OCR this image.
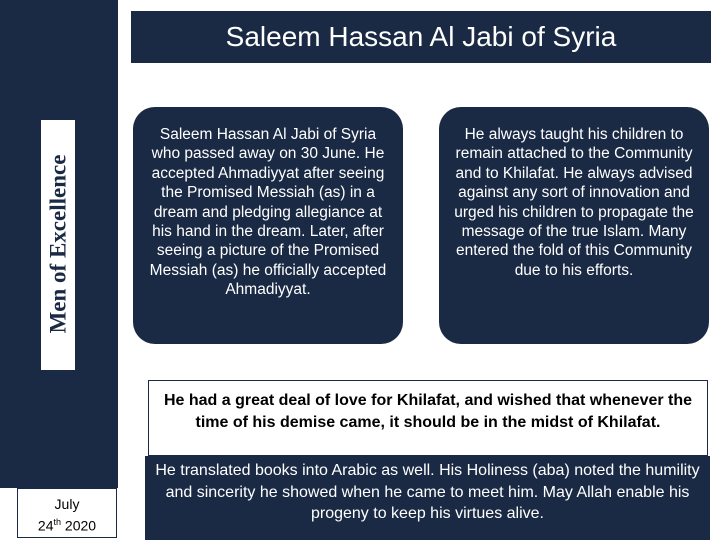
Men of Excellence
July
24th 2020
Saleem Hassan Al Jabi of Syria
Saleem Hassan Al Jabi of Syria who passed away on 30 June. He accepted Ahmadiyyat after seeing the Promised Messiah (as) in a dream and pledging allegiance at his hand in the dream. Later, after seeing a picture of the Promised Messiah (as) he officially accepted Ahmadiyyat.
He always taught his children to remain attached to the Community and to Khilafat. He always advised against any sort of innovation and urged his children to propagate the message of the true Islam. Many entered the fold of this Community due to his efforts.
He had a great deal of love for Khilafat, and wished that whenever the time of his demise came, it should be in the midst of Khilafat.
He translated books into Arabic as well. His Holiness (aba) noted the humility and sincerity he showed when he came to meet him. May Allah enable his progeny to keep his virtues alive.
